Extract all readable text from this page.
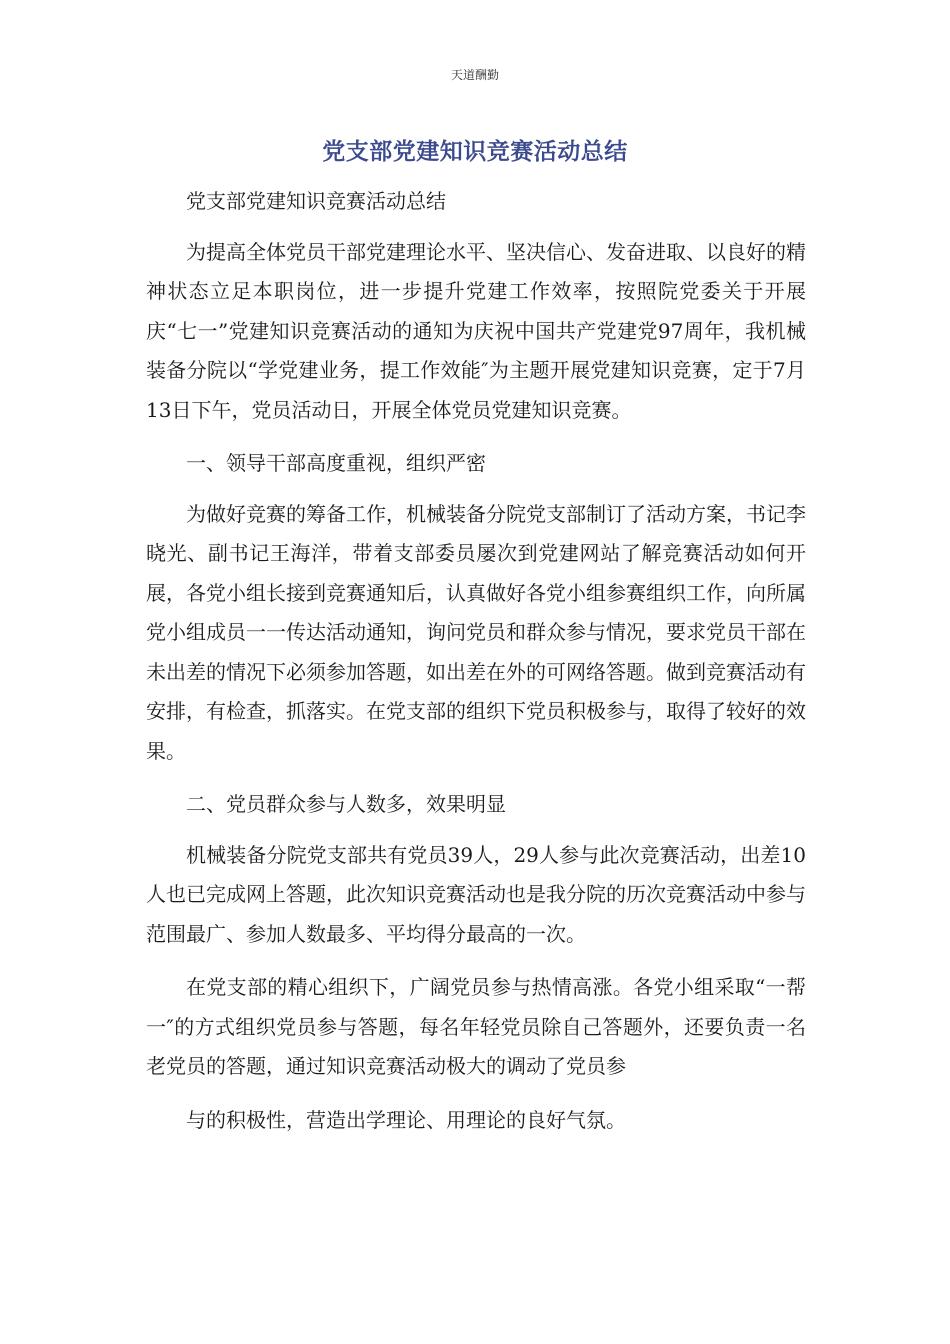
天道酬勤
党支部党建知识竞赛活动总结

党支部党建知识竞赛活动总结

为提高全体党员干部党建理论水平、坚决信心、发奋进取、以良好的精神状态立足本职岗位，进一步提升党建工作效率，按照院党委关于开展庆“七一”党建知识竞赛活动的通知为庆祝中国共产党建党97周年，我机械装备分院以“学党建业务，提工作效能″为主题开展党建知识竞赛，定于7月13日下午，党员活动日，开展全体党员党建知识竞赛。

一、领导干部高度重视，组织严密

为做好竞赛的筹备工作，机械装备分院党支部制订了活动方案，书记李晓光、副书记王海洋，带着支部委员屡次到党建网站了解竞赛活动如何开展，各党小组长接到竞赛通知后，认真做好各党小组参赛组织工作，向所属党小组成员一一传达活动通知，询问党员和群众参与情况，要求党员干部在未出差的情况下必须参加答题，如出差在外的可网络答题。做到竞赛活动有安排，有检查，抓落实。在党支部的组织下党员积极参与，取得了较好的效果。

二、党员群众参与人数多，效果明显

机械装备分院党支部共有党员39人，29人参与此次竞赛活动，出差10人也已完成网上答题，此次知识竞赛活动也是我分院的历次竞赛活动中参与范围最广、参加人数最多、平均得分最高的一次。

在党支部的精心组织下，广阔党员参与热情高涨。各党小组采取“一帮一″的方式组织党员参与答题，每名年轻党员除自己答题外，还要负责一名老党员的答题，通过知识竞赛活动极大的调动了党员参

与的积极性，营造出学理论、用理论的良好气氛。
